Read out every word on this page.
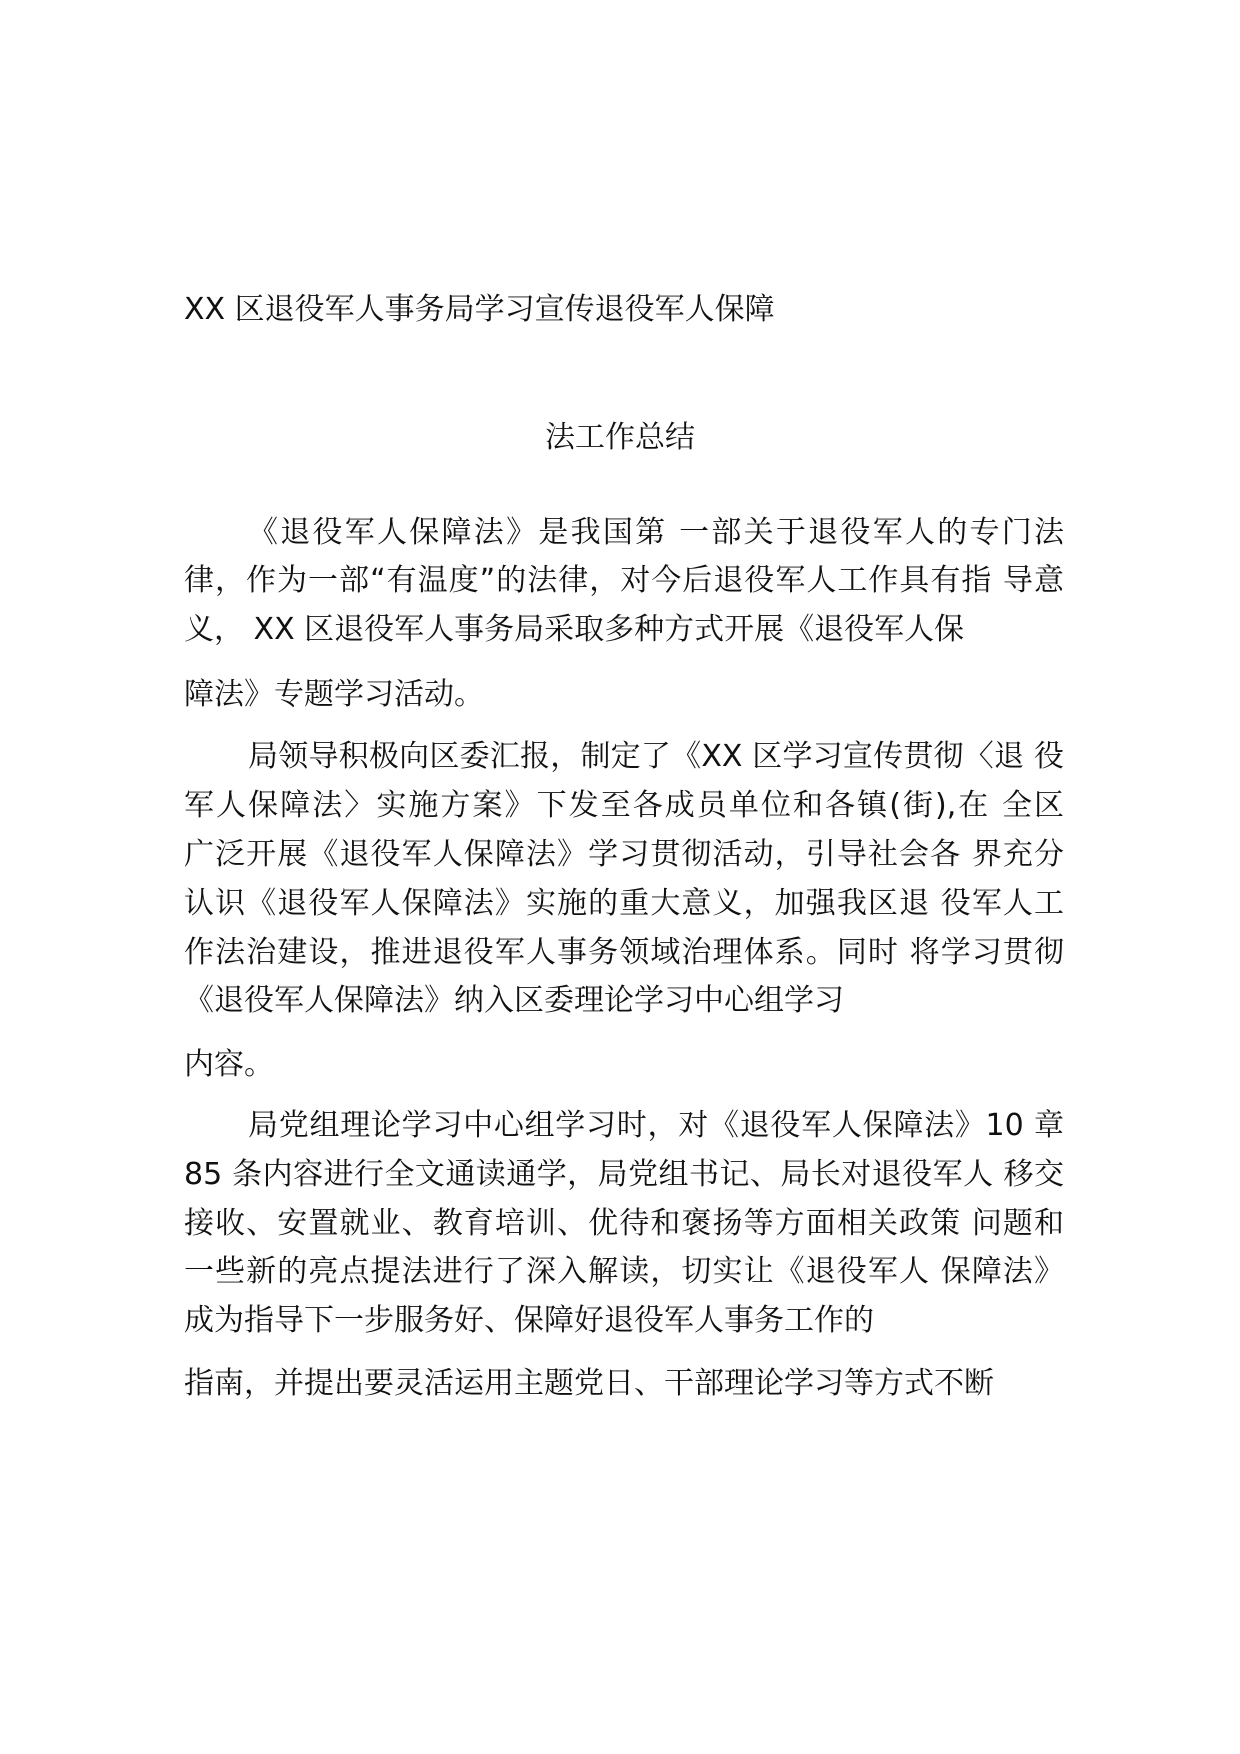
XX 区退役军人事务局学习宣传退役军人保障
法工作总结
《退役军人保障法》是我国第 一部关于退役军人的专门法
律，作为一部“有温度”的法律，对今后退役军人工作具有指 导意
义， XX 区退役军人事务局采取多种方式开展《退役军人保
障法》专题学习活动。
局领导积极向区委汇报，制定了《XX 区学习宣传贯彻〈退 役
军人保障法〉实施方案》下发至各成员单位和各镇(街),在 全区
广泛开展《退役军人保障法》学习贯彻活动，引导社会各 界充分
认识《退役军人保障法》实施的重大意义，加强我区退 役军人工
作法治建设，推进退役军人事务领域治理体系。同时 将学习贯彻
《退役军人保障法》纳入区委理论学习中心组学习
内容。
局党组理论学习中心组学习时，对《退役军人保障法》10 章
85 条内容进行全文通读通学，局党组书记、局长对退役军人 移交
接收、安置就业、教育培训、优待和褒扬等方面相关政策 问题和
一些新的亮点提法进行了深入解读，切实让《退役军人 保障法》
成为指导下一步服务好、保障好退役军人事务工作的
指南，并提出要灵活运用主题党日、干部理论学习等方式不断
